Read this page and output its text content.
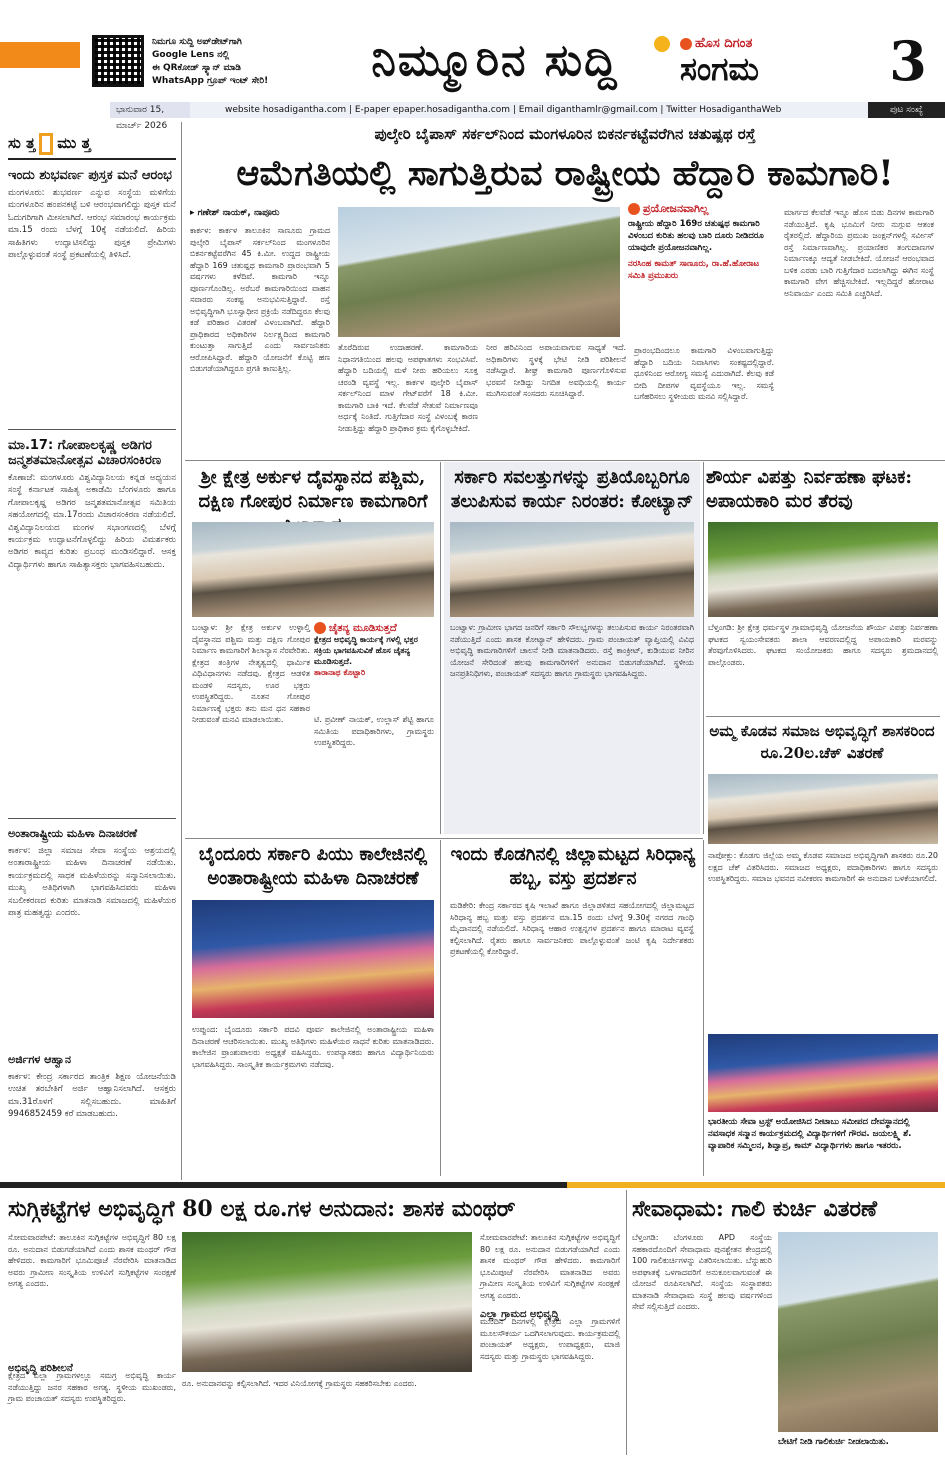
ನಿಮಗೂ ಸುದ್ದಿ ಅಪ್‌ಡೇಟ್‌ಗಾಗಿ
Google Lens ನಲ್ಲಿ
ಈ QRಕೋಡ್ ಸ್ಕ್ಯಾನ್ ಮಾಡಿ
WhatsApp ಗ್ರೂಪ್ ಇಂಟ್ ಸೇರಿ!	ನಿಮ್ಮೂರಿನ ಸುದ್ದಿ	ಹೊಸ ದಿಗಂತ
ಸಂಗಮ	3
ಭಾನುವಾರ 15, ಮಾರ್ಚ್ 2026
website hosadigantha.com | E-paper epaper.hosadigantha.com | Email diganthamlr@gmail.com | Twitter HosadiganthaWeb	ಪುಟ ಸಂಖ್ಯೆ
ಸು ತ್ತ ಮು ತ್ತ
ಇಂದು ಶುಭವರ್ಣ ಪುಸ್ತಕ ಮನೆ ಆರಂಭ
ಮಂಗಳೂರು: ಶುಭವರ್ಣ ಎನ್ನುವ ಸಂಸ್ಥೆಯ ಮಳಿಗೆಯ ಮಂಗಳೂರಿನ ಹಂಪನಕಟ್ಟೆ ಬಳಿ ಆರಂಭವಾಗಲಿದ್ದು ಪುಸ್ತಕ ಮನೆ ಓದುಗರಿಗಾಗಿ ಮೀಸಲಾಗಿದೆ. ಆರಂಭ ಸಮಾರಂಭ ಕಾರ್ಯಕ್ರಮ ಮಾ.15 ರಂದು ಬೆಳಗ್ಗೆ 10ಕ್ಕೆ ನಡೆಯಲಿದೆ. ಹಿರಿಯ ಸಾಹಿತಿಗಳು ಉದ್ಘಾಟಿಸಲಿದ್ದು ಪುಸ್ತಕ ಪ್ರೇಮಿಗಳು ಪಾಲ್ಗೊಳ್ಳುವಂತೆ ಸಂಸ್ಥೆ ಪ್ರಕಟಣೆಯಲ್ಲಿ ತಿಳಿಸಿದೆ.
ಮಾ.17: ಗೋಪಾಲಕೃಷ್ಣ ಅಡಿಗರ ಜನ್ಮಶತಮಾನೋತ್ಸವ ವಿಚಾರಸಂಕಿರಣ
ಕೊಣಾಜೆ: ಮಂಗಳೂರು ವಿಶ್ವವಿದ್ಯಾನಿಲಯ ಕನ್ನಡ ಅಧ್ಯಯನ ಸಂಸ್ಥೆ ಕರ್ನಾಟಕ ಸಾಹಿತ್ಯ ಅಕಾಡೆಮಿ ಬೆಂಗಳೂರು ಹಾಗೂ ಗೋಪಾಲಕೃಷ್ಣ ಅಡಿಗರ ಜನ್ಮಶತಮಾನೋತ್ಸವ ಸಮಿತಿಯ ಸಹಯೋಗದಲ್ಲಿ ಮಾ.17ರಂದು ವಿಚಾರಸಂಕಿರಣ ನಡೆಯಲಿದೆ. ವಿಶ್ವವಿದ್ಯಾನಿಲಯದ ಮಂಗಳ ಸಭಾಂಗಣದಲ್ಲಿ ಬೆಳಗ್ಗೆ ಕಾರ್ಯಕ್ರಮ ಉದ್ಘಾಟನೆಗೊಳ್ಳಲಿದ್ದು ಹಿರಿಯ ವಿಮರ್ಶಕರು ಅಡಿಗರ ಕಾವ್ಯದ ಕುರಿತು ಪ್ರಬಂಧ ಮಂಡಿಸಲಿದ್ದಾರೆ. ಆಸಕ್ತ ವಿದ್ಯಾರ್ಥಿಗಳು ಹಾಗೂ ಸಾಹಿತ್ಯಾಸಕ್ತರು ಭಾಗವಹಿಸಬಹುದು.
ಅಂತಾರಾಷ್ಟ್ರೀಯ ಮಹಿಳಾ ದಿನಾಚರಣೆ
ಕಾರ್ಕಳ: ಜಿಲ್ಲಾ ಸಮಾಜ ಸೇವಾ ಸಂಸ್ಥೆಯ ಆಶ್ರಯದಲ್ಲಿ ಅಂತಾರಾಷ್ಟ್ರೀಯ ಮಹಿಳಾ ದಿನಾಚರಣೆ ನಡೆಯಿತು. ಕಾರ್ಯಕ್ರಮದಲ್ಲಿ ಸಾಧಕ ಮಹಿಳೆಯರನ್ನು ಸನ್ಮಾನಿಸಲಾಯಿತು. ಮುಖ್ಯ ಅತಿಥಿಗಳಾಗಿ ಭಾಗವಹಿಸಿದವರು ಮಹಿಳಾ ಸಬಲೀಕರಣದ ಕುರಿತು ಮಾತನಾಡಿ ಸಮಾಜದಲ್ಲಿ ಮಹಿಳೆಯರ ಪಾತ್ರ ಮಹತ್ವದ್ದು ಎಂದರು.
ಅರ್ಜಿಗಳ ಆಹ್ವಾನ
ಕಾರ್ಕಳ: ಕೇಂದ್ರ ಸರ್ಕಾರದ ತಾಂತ್ರಿಕ ಶಿಕ್ಷಣ ಯೋಜನೆಯಡಿ ಉಚಿತ ತರಬೇತಿಗೆ ಅರ್ಜಿ ಆಹ್ವಾನಿಸಲಾಗಿದೆ. ಆಸಕ್ತರು ಮಾ.31ರೊಳಗೆ ಸಲ್ಲಿಸಬಹುದು. ಮಾಹಿತಿಗೆ 9946852459 ಕರೆ ಮಾಡಬಹುದು.
ಪುಲ್ಕೇರಿ ಬೈಪಾಸ್ ಸರ್ಕಲ್‌ನಿಂದ ಮಂಗಳೂರಿನ ಬಿಕರ್ನಕಟ್ಟೆವರೆಗಿನ ಚತುಷ್ಪಥ ರಸ್ತೆ
ಆಮೆಗತಿಯಲ್ಲಿ ಸಾಗುತ್ತಿರುವ ರಾಷ್ಟ್ರೀಯ ಹೆದ್ದಾರಿ ಕಾಮಗಾರಿ!
▸ ಗಣೇಶ್ ನಾಯಕ್, ನಾಪೂರು
ಕಾರ್ಕಳ: ಕಾರ್ಕಳ ತಾಲೂಕಿನ ಸಾಣೂರು ಗ್ರಾಮದ ಪುಲ್ಕೇರಿ ಬೈಪಾಸ್ ಸರ್ಕಲ್‌ನಿಂದ ಮಂಗಳೂರಿನ ಬಿಕರ್ನಕಟ್ಟೆವರೆಗಿನ 45 ಕಿ.ಮೀ. ಉದ್ದದ ರಾಷ್ಟ್ರೀಯ ಹೆದ್ದಾರಿ 169 ಚತುಷ್ಪಥ ಕಾಮಗಾರಿ ಪ್ರಾರಂಭವಾಗಿ 5 ವರ್ಷಗಳು ಕಳೆದಿವೆ. ಕಾಮಗಾರಿ ಇನ್ನೂ ಪೂರ್ಣಗೊಂಡಿಲ್ಲ. ಅರೆಬರೆ ಕಾಮಗಾರಿಯಿಂದ ವಾಹನ ಸವಾರರು ಸಂಕಷ್ಟ ಅನುಭವಿಸುತ್ತಿದ್ದಾರೆ. ರಸ್ತೆ ಅಭಿವೃದ್ಧಿಗಾಗಿ ಭೂಸ್ವಾಧೀನ ಪ್ರಕ್ರಿಯೆ ನಡೆದಿದ್ದರೂ ಕೆಲವು ಕಡೆ ಪರಿಹಾರ ವಿತರಣೆ ವಿಳಂಬವಾಗಿದೆ. ಹೆದ್ದಾರಿ ಪ್ರಾಧಿಕಾರದ ಅಧಿಕಾರಿಗಳ ನಿರ್ಲಕ್ಷ್ಯದಿಂದ ಕಾಮಗಾರಿ ಕುಂಟುತ್ತಾ ಸಾಗುತ್ತಿದೆ ಎಂದು ಸಾರ್ವಜನಿಕರು ಆರೋಪಿಸಿದ್ದಾರೆ. ಹೆದ್ದಾರಿ ಯೋಜನೆಗೆ ಕೊಟ್ಟಿ ಹಣ ಬಿಡುಗಡೆಯಾಗಿದ್ದರೂ ಪ್ರಗತಿ ಕಾಣುತ್ತಿಲ್ಲ.
ತೊರೆದಿರುವ ಉದಾಹರಣೆ. ಕಾಮಗಾರಿಯ ನಿಧಾನಗತಿಯಿಂದ ಹಲವು ಅಪಘಾತಗಳು ಸಂಭವಿಸಿವೆ. ಹೆದ್ದಾರಿ ಬದಿಯಲ್ಲಿ ಮಳೆ ನೀರು ಹರಿಯಲು ಸೂಕ್ತ ಚರಂಡಿ ವ್ಯವಸ್ಥೆ ಇಲ್ಲ. ಕಾರ್ಕಳ ಪುಲ್ಕೇರಿ ಬೈಪಾಸ್ ಸರ್ಕಲ್‌ನಿಂದ ಮಾಳ ಗೇಟ್‌ವರೆಗೆ 18 ಕಿ.ಮೀ. ಕಾಮಗಾರಿ ಬಾಕಿ ಇದೆ. ಕೆಲವೆಡೆ ಸೇತುವೆ ನಿರ್ಮಾಣವೂ ಅರ್ಧಕ್ಕೆ ನಿಂತಿದೆ. ಗುತ್ತಿಗೆದಾರ ಸಂಸ್ಥೆ ವಿಳಂಬಕ್ಕೆ ಕಾರಣ ನೀಡುತ್ತಿದ್ದು ಹೆದ್ದಾರಿ ಪ್ರಾಧಿಕಾರ ಕ್ರಮ ಕೈಗೊಳ್ಳಬೇಕಿದೆ.
ನೀರ ಹರಿವಿನಿಂದ ಅಪಾಯವಾಗುವ ಸಾಧ್ಯತೆ ಇದೆ. ಅಧಿಕಾರಿಗಳು ಸ್ಥಳಕ್ಕೆ ಭೇಟಿ ನೀಡಿ ಪರಿಶೀಲನೆ ನಡೆಸಿದ್ದಾರೆ. ಶೀಘ್ರ ಕಾಮಗಾರಿ ಪೂರ್ಣಗೊಳಿಸುವ ಭರವಸೆ ನೀಡಿದ್ದು ನಿಗದಿತ ಅವಧಿಯಲ್ಲಿ ಕಾರ್ಯ ಮುಗಿಸುವಂತೆ ಸಂಸದರು ಸೂಚಿಸಿದ್ದಾರೆ.
ಪ್ರಯೋಜನವಾಗಿಲ್ಲ
ರಾಷ್ಟ್ರೀಯ ಹೆದ್ದಾರಿ 169ರ ಚತುಷ್ಪಥ ಕಾಮಗಾರಿ ವಿಳಂಬದ ಕುರಿತು ಹಲವು ಬಾರಿ ದೂರು ನೀಡಿದರೂ ಯಾವುದೇ ಪ್ರಯೋಜನವಾಗಿಲ್ಲ.
ನರಸಿಂಹ ಕಾಮತ್ ಸಾಣೂರು, ರಾ.ಹೆ.ಹೋರಾಟ ಸಮಿತಿ ಪ್ರಮುಖರು
ಪ್ರಾರಂಭದಿಂದಲೂ ಕಾಮಗಾರಿ ವಿಳಂಬವಾಗುತ್ತಿದ್ದು ಹೆದ್ದಾರಿ ಬದಿಯ ನಿವಾಸಿಗಳು ಸಂಕಷ್ಟದಲ್ಲಿದ್ದಾರೆ. ಧೂಳಿನಿಂದ ಆರೋಗ್ಯ ಸಮಸ್ಯೆ ಎದುರಾಗಿದೆ. ಕೆಲವು ಕಡೆ ಬೀದಿ ದೀಪಗಳ ವ್ಯವಸ್ಥೆಯೂ ಇಲ್ಲ. ಸಮಸ್ಯೆ ಬಗೆಹರಿಸಲು ಸ್ಥಳೀಯರು ಮನವಿ ಸಲ್ಲಿಸಿದ್ದಾರೆ.
ಮಾರ್ಗದ ಕೆಲವೆಡೆ ಇನ್ನೂ ಹೊಸ ಬಿಡು ದಿನಗಳ ಕಾಮಗಾರಿ ನಡೆಯುತ್ತಿದೆ. ಕೃಷಿ ಭೂಮಿಗೆ ನೀರು ನುಗ್ಗುವ ಆತಂಕ ರೈತರಲ್ಲಿದೆ. ಹೆದ್ದಾರಿಯ ಪ್ರಮುಖ ಜಂಕ್ಷನ್‌ಗಳಲ್ಲಿ ಸರ್ವೀಸ್ ರಸ್ತೆ ನಿರ್ಮಾಣವಾಗಿಲ್ಲ. ಪ್ರಯಾಣಿಕರ ತಂಗುದಾಣಗಳ ನಿರ್ಮಾಣಕ್ಕೂ ಆದ್ಯತೆ ನೀಡಬೇಕಿದೆ. ಯೋಜನೆ ಆರಂಭವಾದ ಬಳಿಕ ಎರಡು ಬಾರಿ ಗುತ್ತಿಗೆದಾರ ಬದಲಾಗಿದ್ದು ಈಗಿನ ಸಂಸ್ಥೆ ಕಾಮಗಾರಿ ವೇಗ ಹೆಚ್ಚಿಸಬೇಕಿದೆ. ಇಲ್ಲದಿದ್ದರೆ ಹೋರಾಟ ಅನಿವಾರ್ಯ ಎಂದು ಸಮಿತಿ ಎಚ್ಚರಿಸಿದೆ.
ಶ್ರೀ ಕ್ಷೇತ್ರ ಅರ್ಕುಳ ದೈವಸ್ಥಾನದ ಪಶ್ಚಿಮ, ದಕ್ಷಿಣ ಗೋಪುರ ನಿರ್ಮಾಣ ಕಾಮಗಾರಿಗೆ
ಬಂಟ್ವಾಳ: ಶ್ರೀ ಕ್ಷೇತ್ರ ಅರ್ಕುಳ ಉಳ್ಳಾಲ್ತಿ ದೈವಸ್ಥಾನದ ಪಶ್ಚಿಮ ಮತ್ತು ದಕ್ಷಿಣ ಗೋಪುರ ನಿರ್ಮಾಣ ಕಾಮಗಾರಿಗೆ ಶಿಲಾನ್ಯಾಸ ನೆರವೇರಿತು. ಕ್ಷೇತ್ರದ ತಂತ್ರಿಗಳ ನೇತೃತ್ವದಲ್ಲಿ ಧಾರ್ಮಿಕ ವಿಧಿವಿಧಾನಗಳು ನಡೆದವು. ಕ್ಷೇತ್ರದ ಆಡಳಿತ ಮಂಡಳಿ ಸದಸ್ಯರು, ಊರ ಭಕ್ತರು ಉಪಸ್ಥಿತರಿದ್ದರು. ನೂತನ ಗೋಪುರ ನಿರ್ಮಾಣಕ್ಕೆ ಭಕ್ತರು ತನು ಮನ ಧನ ಸಹಕಾರ ನೀಡುವಂತೆ ಮನವಿ ಮಾಡಲಾಯಿತು.
ಚೈತನ್ಯ ಮೂಡಿಸುತ್ತದೆ
ಕ್ಷೇತ್ರದ ಅಭಿವೃದ್ಧಿ ಕಾರ್ಯಕ್ಕೆ ಗಳಲ್ಲಿ ಭಕ್ತರ ಸಕ್ರಿಯ ಭಾಗವಹಿಸುವಿಕೆ ಹೊಸ ಚೈತನ್ಯ ಮೂಡಿಸುತ್ತದೆ.
ತಾರಾನಾಥ ಕೊಟ್ಟಾರಿ
ಟಿ. ಪ್ರವೀಣ್ ನಾಯಕ್, ಉಲ್ಲಾಸ್ ಶೆಟ್ಟಿ ಹಾಗೂ ಸಮಿತಿಯ ಪದಾಧಿಕಾರಿಗಳು, ಗ್ರಾಮಸ್ಥರು ಉಪಸ್ಥಿತರಿದ್ದರು.
ಸರ್ಕಾರಿ ಸವಲತ್ತುಗಳನ್ನು ಪ್ರತಿಯೊಬ್ಬರಿಗೂ ತಲುಪಿಸುವ ಕಾರ್ಯ ನಿರಂತರ: ಕೋಟ್ಯಾನ್
ಬಂಟ್ವಾಳ: ಗ್ರಾಮೀಣ ಭಾಗದ ಜನರಿಗೆ ಸರ್ಕಾರಿ ಸೌಲಭ್ಯಗಳನ್ನು ತಲುಪಿಸುವ ಕಾರ್ಯ ನಿರಂತರವಾಗಿ ನಡೆಯುತ್ತಿದೆ ಎಂದು ಶಾಸಕ ಕೋಟ್ಯಾನ್ ಹೇಳಿದರು. ಗ್ರಾಮ ಪಂಚಾಯತ್ ವ್ಯಾಪ್ತಿಯಲ್ಲಿ ವಿವಿಧ ಅಭಿವೃದ್ಧಿ ಕಾಮಗಾರಿಗಳಿಗೆ ಚಾಲನೆ ನೀಡಿ ಮಾತನಾಡಿದರು. ರಸ್ತೆ ಕಾಂಕ್ರೀಟ್, ಕುಡಿಯುವ ನೀರಿನ ಯೋಜನೆ ಸೇರಿದಂತೆ ಹಲವು ಕಾಮಗಾರಿಗಳಿಗೆ ಅನುದಾನ ಬಿಡುಗಡೆಯಾಗಿದೆ. ಸ್ಥಳೀಯ ಜನಪ್ರತಿನಿಧಿಗಳು, ಪಂಚಾಯತ್ ಸದಸ್ಯರು ಹಾಗೂ ಗ್ರಾಮಸ್ಥರು ಭಾಗವಹಿಸಿದ್ದರು.
ಶೌರ್ಯ ವಿಪತ್ತು ನಿರ್ವಹಣಾ ಘಟಕ: ಅಪಾಯಕಾರಿ ಮರ ತೆರವು
ಬೆಳ್ತಂಗಡಿ: ಶ್ರೀ ಕ್ಷೇತ್ರ ಧರ್ಮಸ್ಥಳ ಗ್ರಾಮಾಭಿವೃದ್ಧಿ ಯೋಜನೆಯ ಶೌರ್ಯ ವಿಪತ್ತು ನಿರ್ವಹಣಾ ಘಟಕದ ಸ್ವಯಂಸೇವಕರು ಶಾಲಾ ಆವರಣದಲ್ಲಿದ್ದ ಅಪಾಯಕಾರಿ ಮರವನ್ನು ತೆರವುಗೊಳಿಸಿದರು. ಘಟಕದ ಸಂಯೋಜಕರು ಹಾಗೂ ಸದಸ್ಯರು ಶ್ರಮದಾನದಲ್ಲಿ ಪಾಲ್ಗೊಂಡರು.
ಅಮ್ಮ ಕೊಡವ ಸಮಾಜ ಅಭಿವೃದ್ಧಿಗೆ ಶಾಸಕರಿಂದ ರೂ.20ಲ.ಚೆಕ್ ವಿತರಣೆ
ನಾಪೋಕ್ಲು: ಕೊಡಗು ಜಿಲ್ಲೆಯ ಅಮ್ಮ ಕೊಡವ ಸಮಾಜದ ಅಭಿವೃದ್ಧಿಗಾಗಿ ಶಾಸಕರು ರೂ.20 ಲಕ್ಷದ ಚೆಕ್ ವಿತರಿಸಿದರು. ಸಮಾಜದ ಅಧ್ಯಕ್ಷರು, ಪದಾಧಿಕಾರಿಗಳು ಹಾಗೂ ಸದಸ್ಯರು ಉಪಸ್ಥಿತರಿದ್ದರು. ಸಮಾಜ ಭವನದ ನವೀಕರಣ ಕಾಮಗಾರಿಗೆ ಈ ಅನುದಾನ ಬಳಕೆಯಾಗಲಿದೆ.
ಬೈಂದೂರು ಸರ್ಕಾರಿ ಪಿಯು ಕಾಲೇಜಿನಲ್ಲಿ ಅಂತಾರಾಷ್ಟ್ರೀಯ ಮಹಿಳಾ ದಿನಾಚರಣೆ
ಉಪ್ಪುಂದ: ಬೈಂದೂರು ಸರ್ಕಾರಿ ಪದವಿ ಪೂರ್ವ ಕಾಲೇಜಿನಲ್ಲಿ ಅಂತಾರಾಷ್ಟ್ರೀಯ ಮಹಿಳಾ ದಿನಾಚರಣೆ ಆಚರಿಸಲಾಯಿತು. ಮುಖ್ಯ ಅತಿಥಿಗಳು ಮಹಿಳೆಯರ ಸಾಧನೆ ಕುರಿತು ಮಾತನಾಡಿದರು. ಕಾಲೇಜಿನ ಪ್ರಾಂಶುಪಾಲರು ಅಧ್ಯಕ್ಷತೆ ವಹಿಸಿದ್ದರು. ಉಪನ್ಯಾಸಕರು ಹಾಗೂ ವಿದ್ಯಾರ್ಥಿನಿಯರು ಭಾಗವಹಿಸಿದ್ದರು. ಸಾಂಸ್ಕೃತಿಕ ಕಾರ್ಯಕ್ರಮಗಳು ನಡೆದವು.
ಇಂದು ಕೊಡಗಿನಲ್ಲಿ ಜಿಲ್ಲಾಮಟ್ಟದ ಸಿರಿಧಾನ್ಯ ಹಬ್ಬ, ವಸ್ತು ಪ್ರದರ್ಶನ
ಮಡಿಕೇರಿ: ಕೇಂದ್ರ ಸರ್ಕಾರದ ಕೃಷಿ ಇಲಾಖೆ ಹಾಗೂ ಜಿಲ್ಲಾಡಳಿತದ ಸಹಯೋಗದಲ್ಲಿ ಜಿಲ್ಲಾಮಟ್ಟದ ಸಿರಿಧಾನ್ಯ ಹಬ್ಬ ಮತ್ತು ವಸ್ತು ಪ್ರದರ್ಶನ ಮಾ.15 ರಂದು ಬೆಳಗ್ಗೆ 9.30ಕ್ಕೆ ನಗರದ ಗಾಂಧಿ ಮೈದಾನದಲ್ಲಿ ನಡೆಯಲಿದೆ. ಸಿರಿಧಾನ್ಯ ಆಹಾರ ಉತ್ಪನ್ನಗಳ ಪ್ರದರ್ಶನ ಹಾಗೂ ಮಾರಾಟ ವ್ಯವಸ್ಥೆ ಕಲ್ಪಿಸಲಾಗಿದೆ. ರೈತರು ಹಾಗೂ ಸಾರ್ವಜನಿಕರು ಪಾಲ್ಗೊಳ್ಳುವಂತೆ ಜಂಟಿ ಕೃಷಿ ನಿರ್ದೇಶಕರು ಪ್ರಕಟಣೆಯಲ್ಲಿ ಕೋರಿದ್ದಾರೆ.
ಭಾರತೀಯ ಸೇವಾ ಟ್ರಸ್ಟ್ ಅಯೋಜಿಸಿದ ನೀಟಾಬು ಸಮೀಪದ ದೇವಸ್ಥಾನದಲ್ಲಿ ನವಸಾಧಕ ಸನ್ಮಾನ ಕಾರ್ಯಕ್ರಮದಲ್ಲಿ ವಿದ್ಯಾರ್ಥಿಗಳಿಗೆ ಗೌರವ. ಜಯಲಕ್ಷ್ಮಿ ಶೆ. ವ್ಯಾಪಾರಿಕ ಸಮ್ಮಿಲನ, ಶಿವ್ವಾಪ್ರ, ಕಾಮ್ ವಿದ್ಯಾರ್ಥಿಗಳು ಹಾಗೂ ಇತರರು.
ಸುಗ್ಗಿಕಟ್ಟೆಗಳ ಅಭಿವೃದ್ಧಿಗೆ 80 ಲಕ್ಷ ರೂ.ಗಳ ಅನುದಾನ: ಶಾಸಕ ಮಂಥರ್
ಸೋಮವಾರಪೇಟೆ: ತಾಲೂಕಿನ ಸುಗ್ಗಿಕಟ್ಟೆಗಳ ಅಭಿವೃದ್ಧಿಗೆ 80 ಲಕ್ಷ ರೂ. ಅನುದಾನ ಬಿಡುಗಡೆಯಾಗಿದೆ ಎಂದು ಶಾಸಕ ಮಂಥರ್ ಗೌಡ ಹೇಳಿದರು. ಕಾಮಗಾರಿಗೆ ಭೂಮಿಪೂಜೆ ನೆರವೇರಿಸಿ ಮಾತನಾಡಿದ ಅವರು ಗ್ರಾಮೀಣ ಸಂಸ್ಕೃತಿಯ ಉಳಿವಿಗೆ ಸುಗ್ಗಿಕಟ್ಟೆಗಳ ಸಂರಕ್ಷಣೆ ಅಗತ್ಯ ಎಂದರು.
ಅಭಿವೃದ್ಧಿ ಪರಿಶೀಲನೆ
ಕ್ಷೇತ್ರದ ಎಲ್ಲಾ ಗ್ರಾಮಗಳಲ್ಲೂ ಸಮಗ್ರ ಅಭಿವೃದ್ಧಿ ಕಾರ್ಯ ನಡೆಯುತ್ತಿದ್ದು ಜನರ ಸಹಕಾರ ಅಗತ್ಯ. ಸ್ಥಳೀಯ ಮುಖಂಡರು, ಗ್ರಾಮ ಪಂಚಾಯತ್ ಸದಸ್ಯರು ಉಪಸ್ಥಿತರಿದ್ದರು.
ರೂ. ಅನುದಾನವನ್ನು ಕಲ್ಪಿಸಲಾಗಿದೆ. ಇದರ ವಿನಿಯೋಗಕ್ಕೆ ಗ್ರಾಮಸ್ಥರು ಸಹಕರಿಸಬೇಕು ಎಂದರು.
ಎಲ್ಲಾ ಗ್ರಾಮದ ಅಭಿವೃದ್ಧಿ
ಸೋಮವಾರಪೇಟೆ: ತಾಲೂಕಿನ ಸುಗ್ಗಿಕಟ್ಟೆಗಳ ಅಭಿವೃದ್ಧಿಗೆ 80 ಲಕ್ಷ ರೂ. ಅನುದಾನ ಬಿಡುಗಡೆಯಾಗಿದೆ ಎಂದು ಶಾಸಕ ಮಂಥರ್ ಗೌಡ ಹೇಳಿದರು. ಕಾಮಗಾರಿಗೆ ಭೂಮಿಪೂಜೆ ನೆರವೇರಿಸಿ ಮಾತನಾಡಿದ ಅವರು ಗ್ರಾಮೀಣ ಸಂಸ್ಕೃತಿಯ ಉಳಿವಿಗೆ ಸುಗ್ಗಿಕಟ್ಟೆಗಳ ಸಂರಕ್ಷಣೆ ಅಗತ್ಯ ಎಂದರು.
ಮುಂದಿನ ದಿನಗಳಲ್ಲಿ ಕ್ಷೇತ್ರದ ಎಲ್ಲಾ ಗ್ರಾಮಗಳಿಗೆ ಮೂಲಸೌಕರ್ಯ ಒದಗಿಸಲಾಗುವುದು. ಕಾರ್ಯಕ್ರಮದಲ್ಲಿ ಪಂಚಾಯತ್ ಅಧ್ಯಕ್ಷರು, ಉಪಾಧ್ಯಕ್ಷರು, ಮಾಜಿ ಸದಸ್ಯರು ಮತ್ತು ಗ್ರಾಮಸ್ಥರು ಭಾಗವಹಿಸಿದ್ದರು.
ಸೇವಾಧಾಮ: ಗಾಲಿ ಕುರ್ಚಿ ವಿತರಣೆ
ಬೆಳ್ತಂಗಡಿ: ಬೆಂಗಳೂರು APD ಸಂಸ್ಥೆಯ ಸಹಕಾರದೊಂದಿಗೆ ಸೇವಾಧಾಮ ಪುನಶ್ಚೇತನ ಕೇಂದ್ರದಲ್ಲಿ 100 ಗಾಲಿಕುರ್ಚಿಗಳನ್ನು ವಿತರಿಸಲಾಯಿತು. ಬೆನ್ನುಹುರಿ ಅಪಘಾತಕ್ಕೆ ಒಳಗಾದವರಿಗೆ ಅನುಕೂಲವಾಗುವಂತೆ ಈ ಯೋಜನೆ ರೂಪಿಸಲಾಗಿದೆ. ಸಂಸ್ಥೆಯ ಸಂಸ್ಥಾಪಕರು ಮಾತನಾಡಿ ಸೇವಾಧಾಮ ಸಂಸ್ಥೆ ಹಲವು ವರ್ಷಗಳಿಂದ ಸೇವೆ ಸಲ್ಲಿಸುತ್ತಿದೆ ಎಂದರು.
ಬೇಟಿಗೆ ನೀಡಿ ಗಾಲಿಕುರ್ಚಿ ನೀಡಲಾಯಿತು.
